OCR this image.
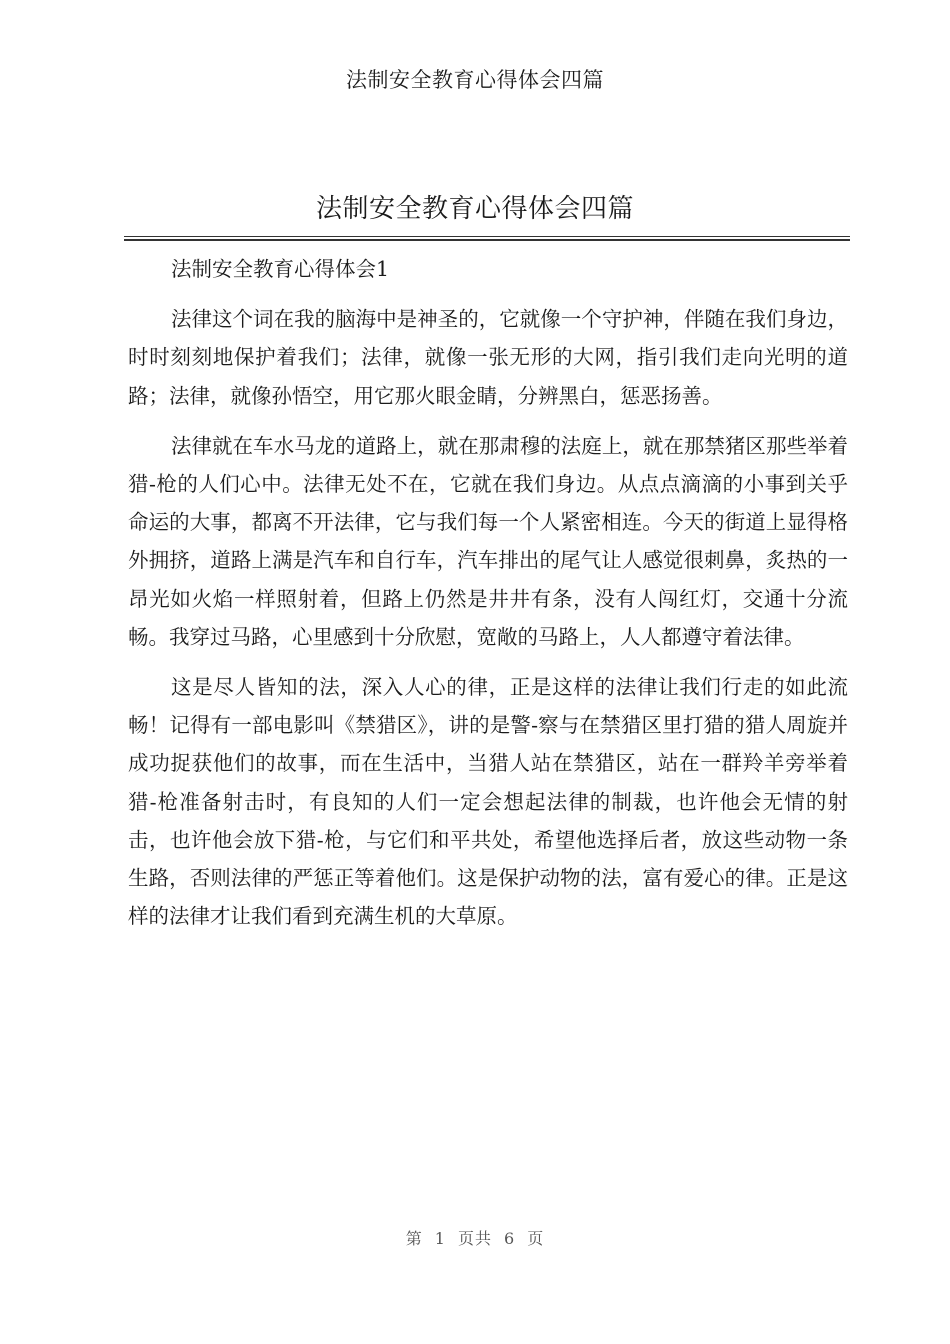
法制安全教育心得体会四篇
法制安全教育心得体会四篇

法制安全教育心得体会1

法律这个词在我的脑海中是神圣的，它就像一个守护神，伴随在我们身边，时时刻刻地保护着我们；法律，就像一张无形的大网，指引我们走向光明的道路；法律，就像孙悟空，用它那火眼金睛，分辨黑白，惩恶扬善。

法律就在车水马龙的道路上，就在那肃穆的法庭上，就在那禁猪区那些举着猎-枪的人们心中。法律无处不在，它就在我们身边。从点点滴滴的小事到关乎命运的大事，都离不开法律，它与我们每一个人紧密相连。今天的街道上显得格外拥挤，道路上满是汽车和自行车，汽车排出的尾气让人感觉很刺鼻，炙热的一昂光如火焰一样照射着，但路上仍然是井井有条，没有人闯红灯，交通十分流畅。我穿过马路，心里感到十分欣慰，宽敞的马路上，人人都遵守着法律。

这是尽人皆知的法，深入人心的律，正是这样的法律让我们行走的如此流畅！记得有一部电影叫《禁猎区》，讲的是警-察与在禁猎区里打猎的猎人周旋并成功捉获他们的故事，而在生活中，当猎人站在禁猎区，站在一群羚羊旁举着猎-枪准备射击时，有良知的人们一定会想起法律的制裁，也许他会无情的射击，也许他会放下猎-枪，与它们和平共处，希望他选择后者，放这些动物一条生路，否则法律的严惩正等着他们。这是保护动物的法，富有爱心的律。正是这样的法律才让我们看到充满生机的大草原。

第 1 页共 6 页
